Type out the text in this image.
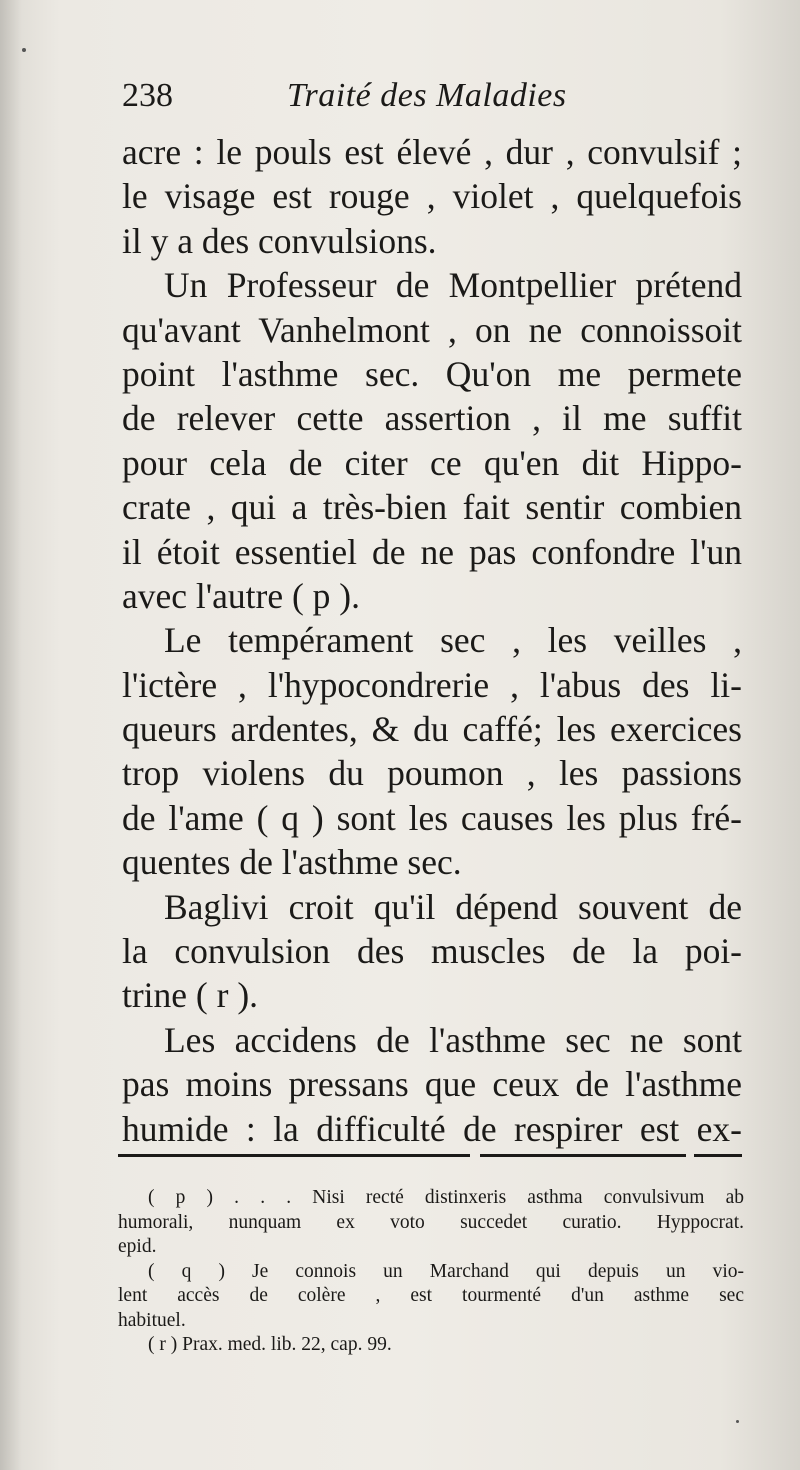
238	Traité des Maladies
acre : le pouls est élevé , dur , convulsif ;
le visage est rouge , violet , quelquefois
il y a des convulsions.
Un Professeur de Montpellier prétend
qu'avant Vanhelmont , on ne connoissoit
point l'asthme sec. Qu'on me permete
de relever cette assertion , il me suffit
pour cela de citer ce qu'en dit Hippo-
crate , qui a très-bien fait sentir combien
il étoit essentiel de ne pas confondre l'un
avec l'autre ( p ).
Le tempérament sec , les veilles ,
l'ictère , l'hypocondrerie , l'abus des li-
queurs ardentes, & du caffé; les exercices
trop violens du poumon , les passions
de l'ame ( q ) sont les causes les plus fré-
quentes de l'asthme sec.
Baglivi croit qu'il dépend souvent de
la convulsion des muscles de la poi-
trine ( r ).
Les accidens de l'asthme sec ne sont
pas moins pressans que ceux de l'asthme
humide : la difficulté de respirer est ex-
( p ) . . . Nisi recté distinxeris asthma convulsivum ab
humorali, nunquam ex voto succedet curatio. Hyppocrat.
epid.
( q ) Je connois un Marchand qui depuis un vio-
lent accès de colère , est tourmenté d'un asthme sec
habituel.
( r ) Prax. med. lib. 22, cap. 99.
